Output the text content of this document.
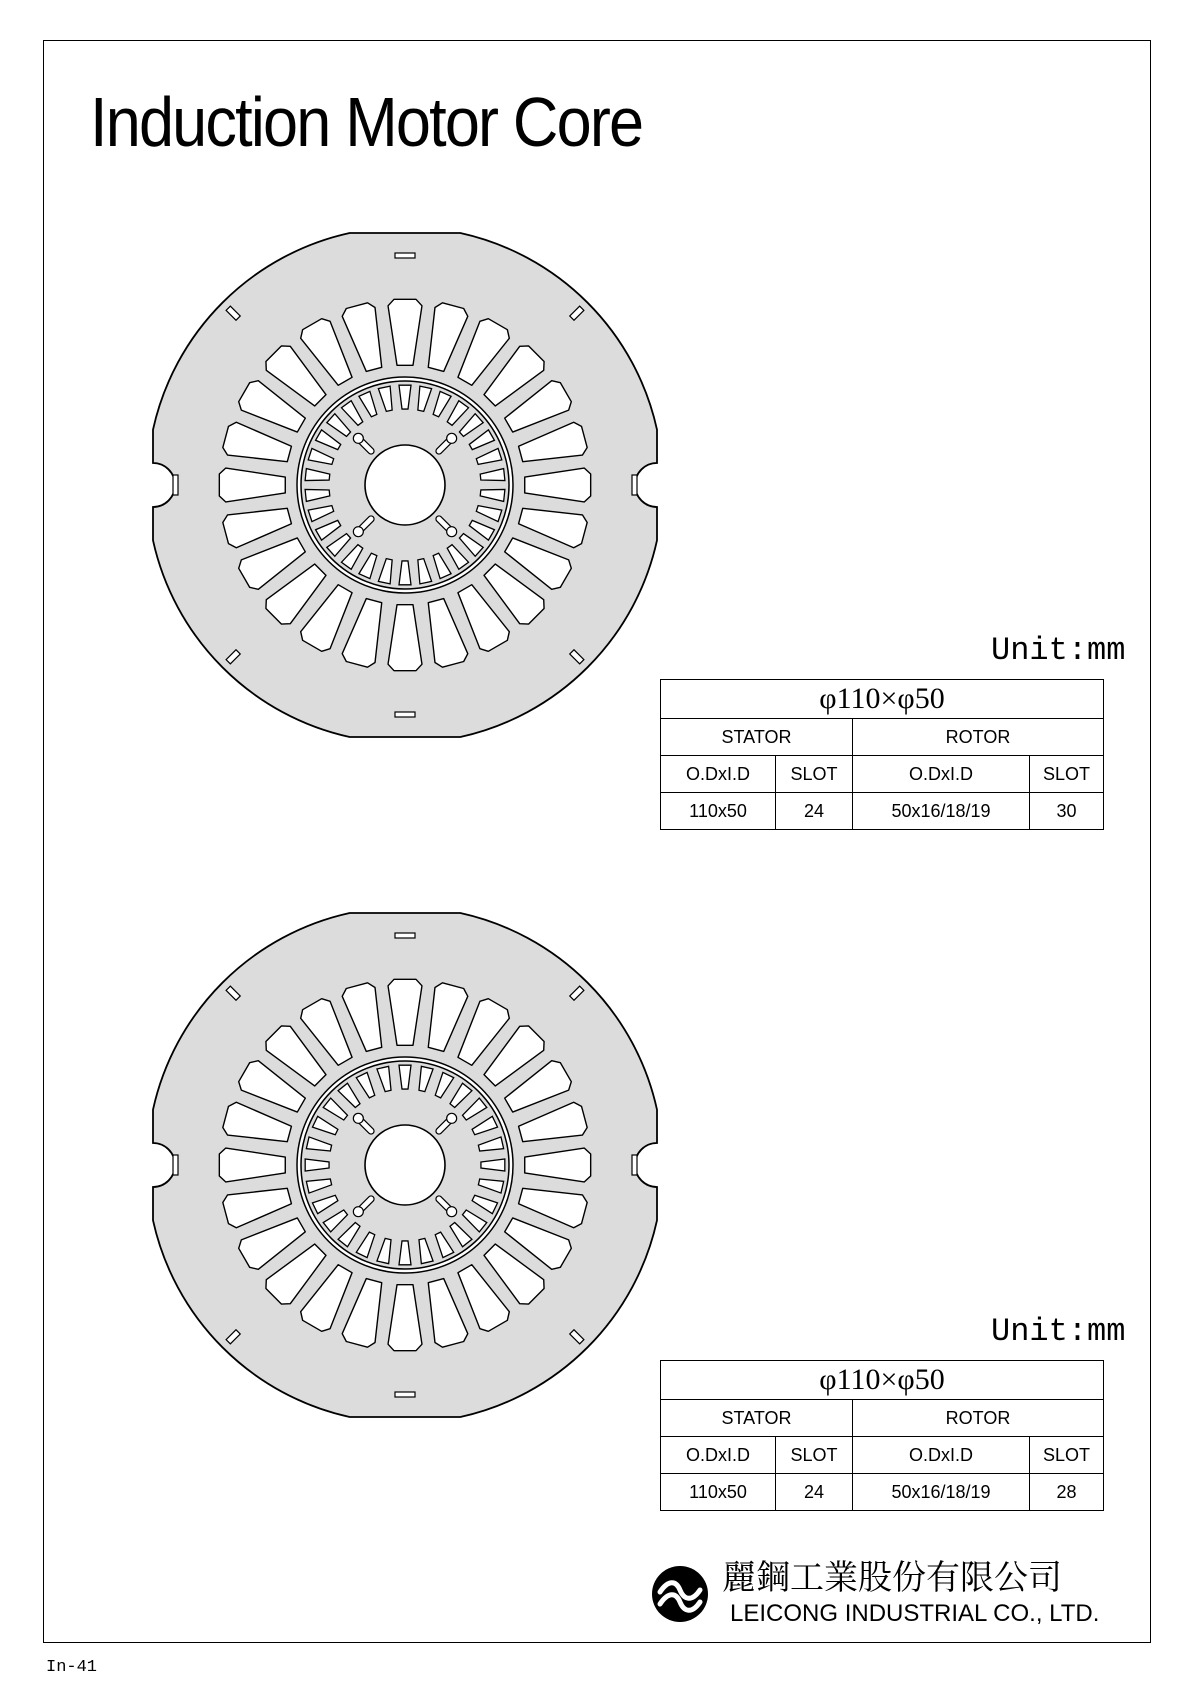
Induction Motor Core
Unit:mm
φ110×φ50			
STATOR		ROTOR	
O.DxI.D	SLOT	O.DxI.D	SLOT
110x50	24	50x16/18/19	30
Unit:mm
φ110×φ50			
STATOR		ROTOR	
O.DxI.D	SLOT	O.DxI.D	SLOT
110x50	24	50x16/18/19	28
麗鋼工業股份有限公司
LEICONG INDUSTRIAL CO., LTD.
In-41
